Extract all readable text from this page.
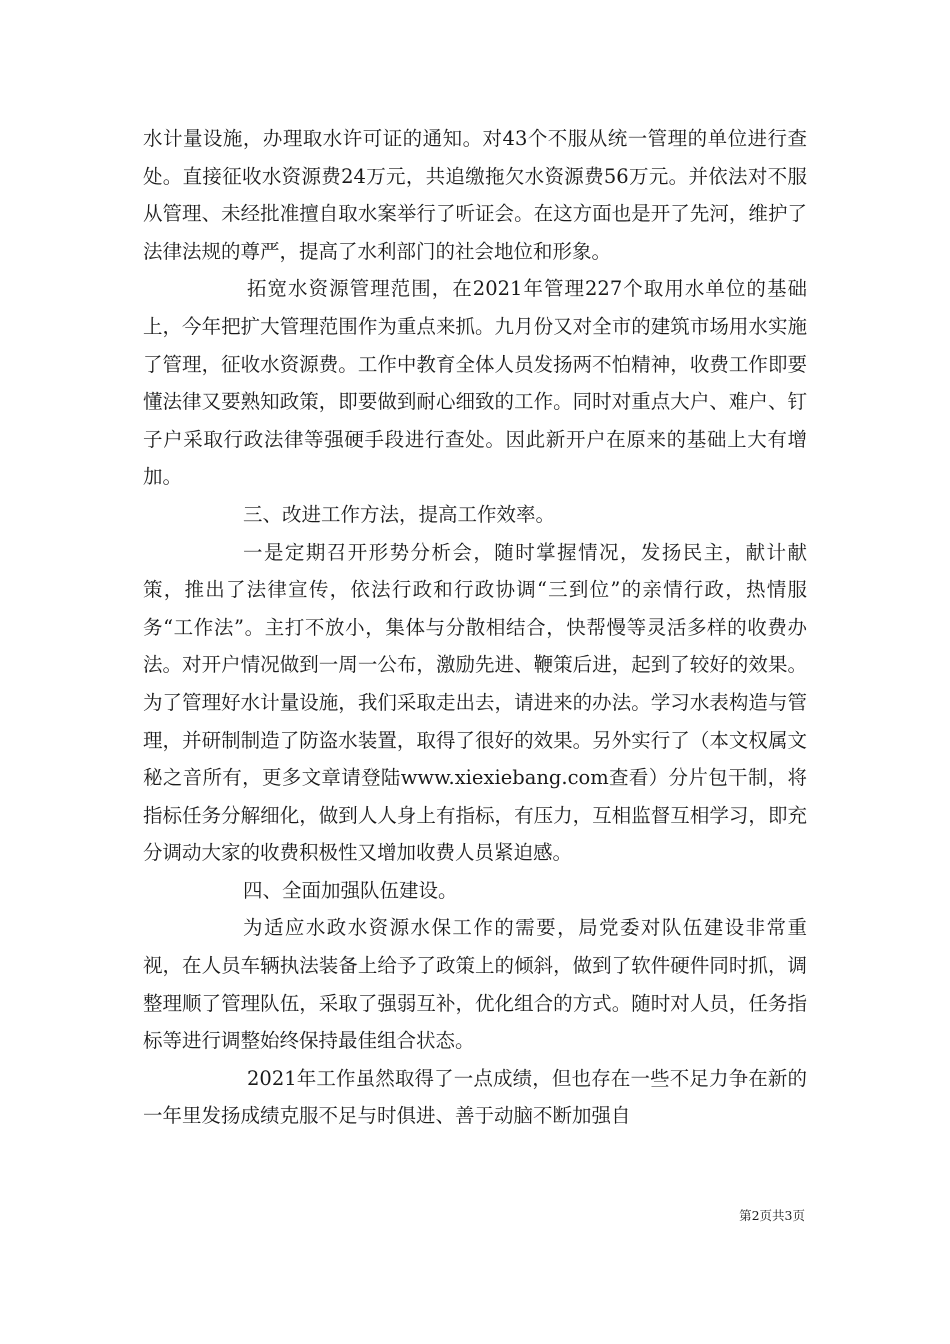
水计量设施，办理取水许可证的通知。对43个不服从统一管理的单位进行查处。直接征收水资源费24万元，共追缴拖欠水资源费56万元。并依法对不服从管理、未经批准擅自取水案举行了听证会。在这方面也是开了先河，维护了法律法规的尊严，提高了水利部门的社会地位和形象。

拓宽水资源管理范围，在2021年管理227个取用水单位的基础上，今年把扩大管理范围作为重点来抓。九月份又对全市的建筑市场用水实施了管理，征收水资源费。工作中教育全体人员发扬两不怕精神，收费工作即要懂法律又要熟知政策，即要做到耐心细致的工作。同时对重点大户、难户、钉子户采取行政法律等强硬手段进行查处。因此新开户在原来的基础上大有增加。

三、改进工作方法，提高工作效率。

一是定期召开形势分析会，随时掌握情况，发扬民主，献计献策，推出了法律宣传，依法行政和行政协调“三到位”的亲情行政，热情服务“工作法”。主打不放小，集体与分散相结合，快帮慢等灵活多样的收费办法。对开户情况做到一周一公布，激励先进、鞭策后进，起到了较好的效果。为了管理好水计量设施，我们采取走出去，请进来的办法。学习水表构造与管理，并研制制造了防盗水装置，取得了很好的效果。另外实行了（本文权属文秘之音所有，更多文章请登陆www.xiexiebang.com查看）分片包干制，将指标任务分解细化，做到人人身上有指标，有压力，互相监督互相学习，即充分调动大家的收费积极性又增加收费人员紧迫感。

四、全面加强队伍建设。

为适应水政水资源水保工作的需要，局党委对队伍建设非常重视，在人员车辆执法装备上给予了政策上的倾斜，做到了软件硬件同时抓，调整理顺了管理队伍，采取了强弱互补，优化组合的方式。随时对人员，任务指标等进行调整始终保持最佳组合状态。

2021年工作虽然取得了一点成绩，但也存在一些不足力争在新的一年里发扬成绩克服不足与时俱进、善于动脑不断加强自

第2页共3页
